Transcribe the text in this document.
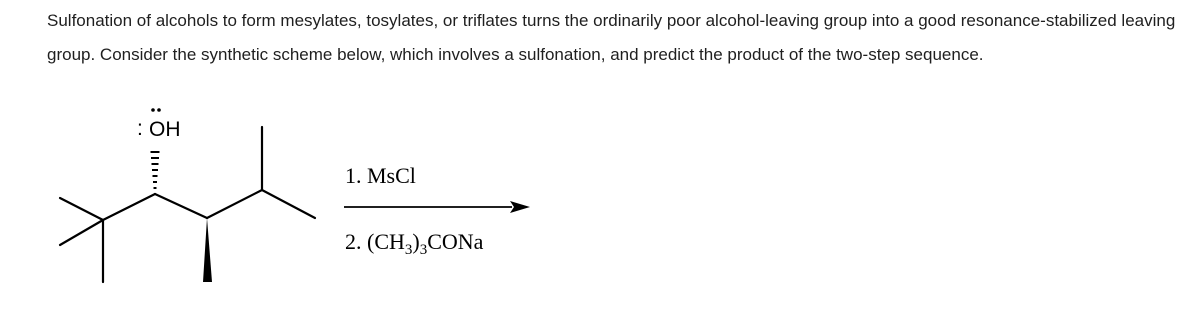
Sulfonation of alcohols to form mesylates, tosylates, or triflates turns the ordinarily poor alcohol-leaving group into a good resonance-stabilized leaving group. Consider the synthetic scheme below, which involves a sulfonation, and predict the product of the two-step sequence.
OH
:
1. MsCl
2. $(CH_3)_3CONa$
